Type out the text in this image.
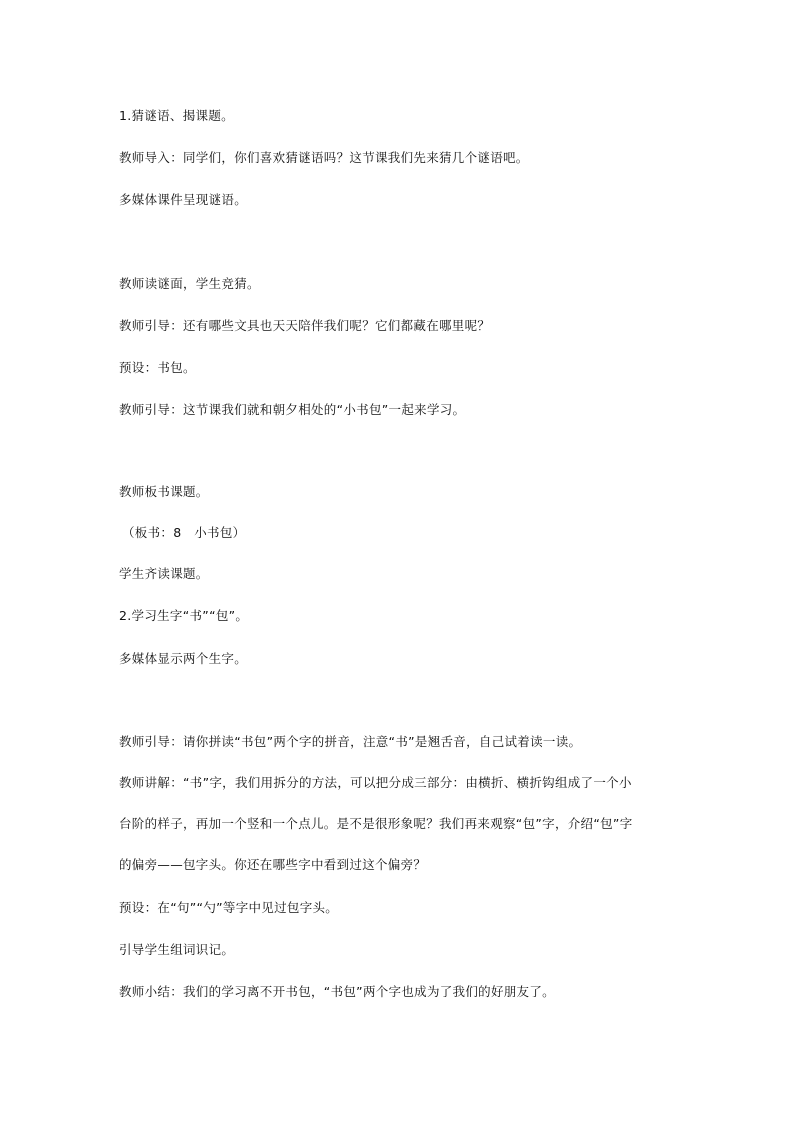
1.猜谜语、揭课题。
教师导入：同学们，你们喜欢猜谜语吗？这节课我们先来猜几个谜语吧。
多媒体课件呈现谜语。
教师读谜面，学生竞猜。
教师引导：还有哪些文具也天天陪伴我们呢？它们都藏在哪里呢？
预设：书包。
教师引导：这节课我们就和朝夕相处的“小书包”一起来学习。
教师板书课题。
（板书：8　小书包）
学生齐读课题。
2.学习生字“书”“包”。
多媒体显示两个生字。
教师引导：请你拼读“书包”两个字的拼音，注意“书”是翘舌音，自己试着读一读。
教师讲解：“书”字，我们用拆分的方法，可以把分成三部分：由横折、横折钩组成了一个小
台阶的样子，再加一个竖和一个点儿。是不是很形象呢？我们再来观察“包”字，介绍“包”字
的偏旁——包字头。你还在哪些字中看到过这个偏旁？
预设：在“句”“勺”等字中见过包字头。
引导学生组词识记。
教师小结：我们的学习离不开书包，“书包”两个字也成为了我们的好朋友了。
